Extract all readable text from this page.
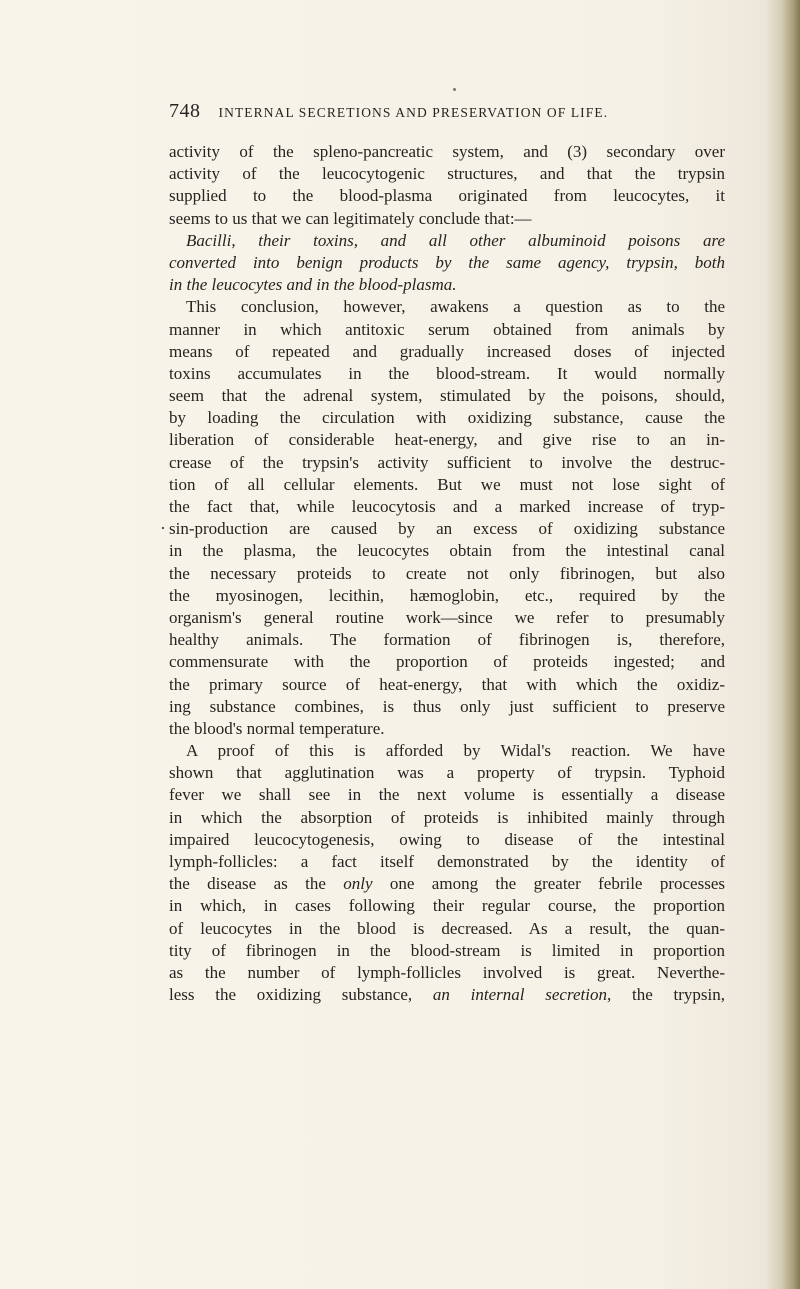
748 INTERNAL SECRETIONS AND PRESERVATION OF LIFE.
activity of the spleno-pancreatic system, and (3) secondary over
activity of the leucocytogenic structures, and that the trypsin
supplied to the blood-plasma originated from leucocytes, it
seems to us that we can legitimately conclude that:—
Bacilli, their toxins, and all other albuminoid poisons are
converted into benign products by the same agency, trypsin, both
in the leucocytes and in the blood-plasma.
This conclusion, however, awakens a question as to the
manner in which antitoxic serum obtained from animals by
means of repeated and gradually increased doses of injected
toxins accumulates in the blood-stream. It would normally
seem that the adrenal system, stimulated by the poisons, should,
by loading the circulation with oxidizing substance, cause the
liberation of considerable heat-energy, and give rise to an in-
crease of the trypsin's activity sufficient to involve the destruc-
tion of all cellular elements. But we must not lose sight of
the fact that, while leucocytosis and a marked increase of tryp-
sin-production are caused by an excess of oxidizing substance
in the plasma, the leucocytes obtain from the intestinal canal
the necessary proteids to create not only fibrinogen, but also
the myosinogen, lecithin, hæmoglobin, etc., required by the
organism's general routine work—since we refer to presumably
healthy animals. The formation of fibrinogen is, therefore,
commensurate with the proportion of proteids ingested; and
the primary source of heat-energy, that with which the oxidiz-
ing substance combines, is thus only just sufficient to preserve
the blood's normal temperature.
A proof of this is afforded by Widal's reaction. We have
shown that agglutination was a property of trypsin. Typhoid
fever we shall see in the next volume is essentially a disease
in which the absorption of proteids is inhibited mainly through
impaired leucocytogenesis, owing to disease of the intestinal
lymph-follicles: a fact itself demonstrated by the identity of
the disease as the only one among the greater febrile processes
in which, in cases following their regular course, the proportion
of leucocytes in the blood is decreased. As a result, the quan-
tity of fibrinogen in the blood-stream is limited in proportion
as the number of lymph-follicles involved is great. Neverthe-
less the oxidizing substance, an internal secretion, the trypsin,
